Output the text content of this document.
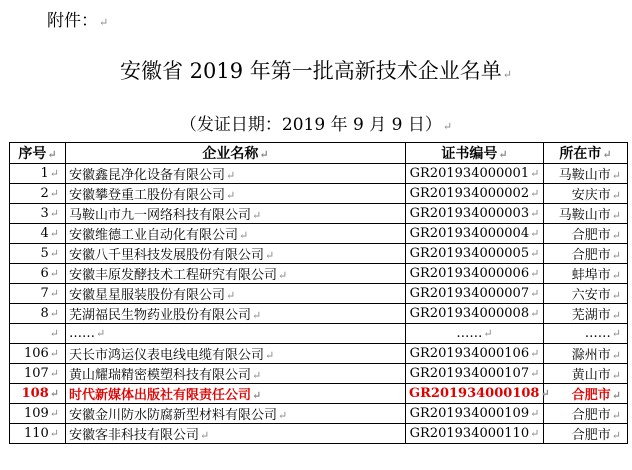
附件：↵
安徽省 2019 年第一批高新技术企业名单↵
（发证日期：2019 年 9 月 9 日）↵
序号↵	企业名称↵	证书编号↵	所在市↵
1↵	安徽鑫昆净化设备有限公司↵	GR201934000001↵	马鞍山市↵
2↵	安徽攀登重工股份有限公司↵	GR201934000002↵	安庆市↵
3↵	马鞍山市九一网络科技有限公司↵	GR201934000003↵	马鞍山市↵
4↵	安徽维德工业自动化有限公司↵	GR201934000004↵	合肥市↵
5↵	安徽八千里科技发展股份有限公司↵	GR201934000005↵	合肥市↵
6↵	安徽丰原发酵技术工程研究有限公司↵	GR201934000006↵	蚌埠市↵
7↵	安徽星星服装股份有限公司↵	GR201934000007↵	六安市↵
8↵	芜湖福民生物药业股份有限公司↵	GR201934000008↵	芜湖市↵
↵	……↵	……↵	……↵
106↵	天长市鸿运仪表电线电缆有限公司↵	GR201934000106↵	滁州市↵
107↵	黄山耀瑞精密模塑科技有限公司↵	GR201934000107↵	黄山市↵
108↵	时代新媒体出版社有限责任公司↵	GR201934000108↵	合肥市↵
109↵	安徽金川防水防腐新型材料有限公司↵	GR201934000109↵	合肥市↵
110↵	安徽客非科技有限公司↵	GR201934000110↵	合肥市↵
